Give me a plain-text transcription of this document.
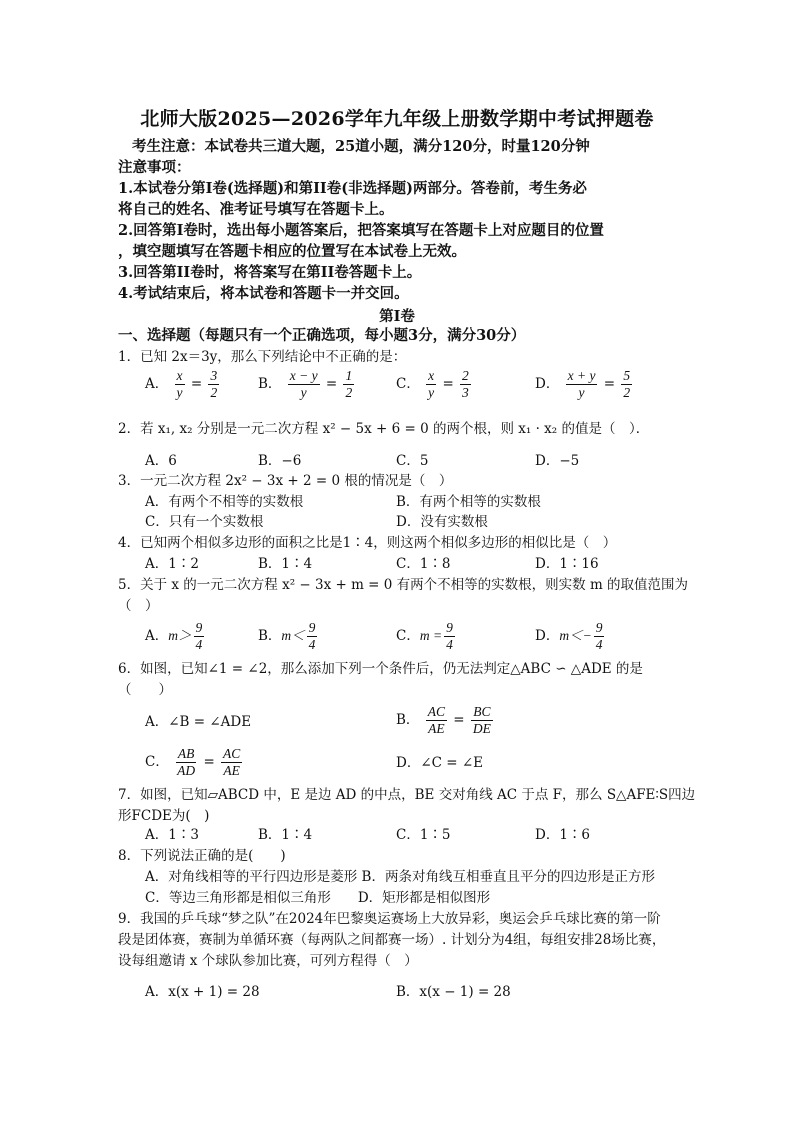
北师大版2025—2026学年九年级上册数学期中考试押题卷
考生注意：本试卷共三道大题，25道小题，满分120分，时量120分钟
注意事项：
1.本试卷分第Ⅰ卷(选择题)和第II卷(非选择题)两部分。答卷前，考生务必
将自己的姓名、准考证号填写在答题卡上。
2.回答第Ⅰ卷时，选出每小题答案后，把答案填写在答题卡上对应题目的位置
，填空题填写在答题卡相应的位置写在本试卷上无效。
3.回答第II卷时，将答案写在第II卷答题卡上。
4.考试结束后，将本试卷和答题卡一并交回。
第Ⅰ卷
一、选择题（每题只有一个正确选项，每小题3分，满分30分）
1．已知 2x＝3y，那么下列结论中不正确的是：
A． $\frac{x}{y} = \frac{3}{2}$	B． $\frac{x - y}{y} = \frac{1}{2}$	C． $\frac{x}{y} = \frac{2}{3}$	D． $\frac{x + y}{y} = \frac{5}{2}$
2．若 x₁, x₂ 分别是一元二次方程 x² − 5x + 6 = 0 的两个根，则 x₁ · x₂ 的值是（　）．
A．6	B．−6	C．5	D．−5
3．一元二次方程 2x² − 3x + 2 = 0 根的情况是（　）
A．有两个不相等的实数根	B．有两个相等的实数根
C．只有一个实数根	D．没有实数根
4．已知两个相似多边形的面积之比是1∶4，则这两个相似多边形的相似比是（　）
A．1∶2	B．1∶4	C．1∶8	D．1∶16
5．关于 x 的一元二次方程 x² − 3x + m = 0 有两个不相等的实数根，则实数 m 的取值范围为
（　）
A．$m> \frac{9}{4}$	B．$m< \frac{9}{4}$	C．$m = \frac{9}{4}$	D．$m<- \frac{9}{4}$
6．如图，已知∠1 = ∠2，那么添加下列一个条件后，仍无法判定△ABC ∽ △ADE 的是
（　　）
A．∠B = ∠ADE	B． $\frac{AC}{AE} = \frac{BC}{DE}$
C． $\frac{AB}{AD} = \frac{AC}{AE}$	D．∠C = ∠E
7．如图，已知▱ABCD 中，E 是边 AD 的中点，BE 交对角线 AC 于点 F，那么 S△AFE∶S四边
形FCDE为(　)
A．1∶3	B．1∶4	C．1∶5	D．1∶6
8．下列说法正确的是(　　)
A．对角线相等的平行四边形是菱形 B．两条对角线互相垂直且平分的四边形是正方形
C．等边三角形都是相似三角形　　D．矩形都是相似图形
9．我国的乒乓球“梦之队”在2024年巴黎奥运赛场上大放异彩，奥运会乒乓球比赛的第一阶
段是团体赛，赛制为单循环赛（每两队之间都赛一场）. 计划分为4组，每组安排28场比赛，
设每组邀请 x 个球队参加比赛，可列方程得（　）
A．x(x + 1) = 28	B．x(x − 1) = 28
